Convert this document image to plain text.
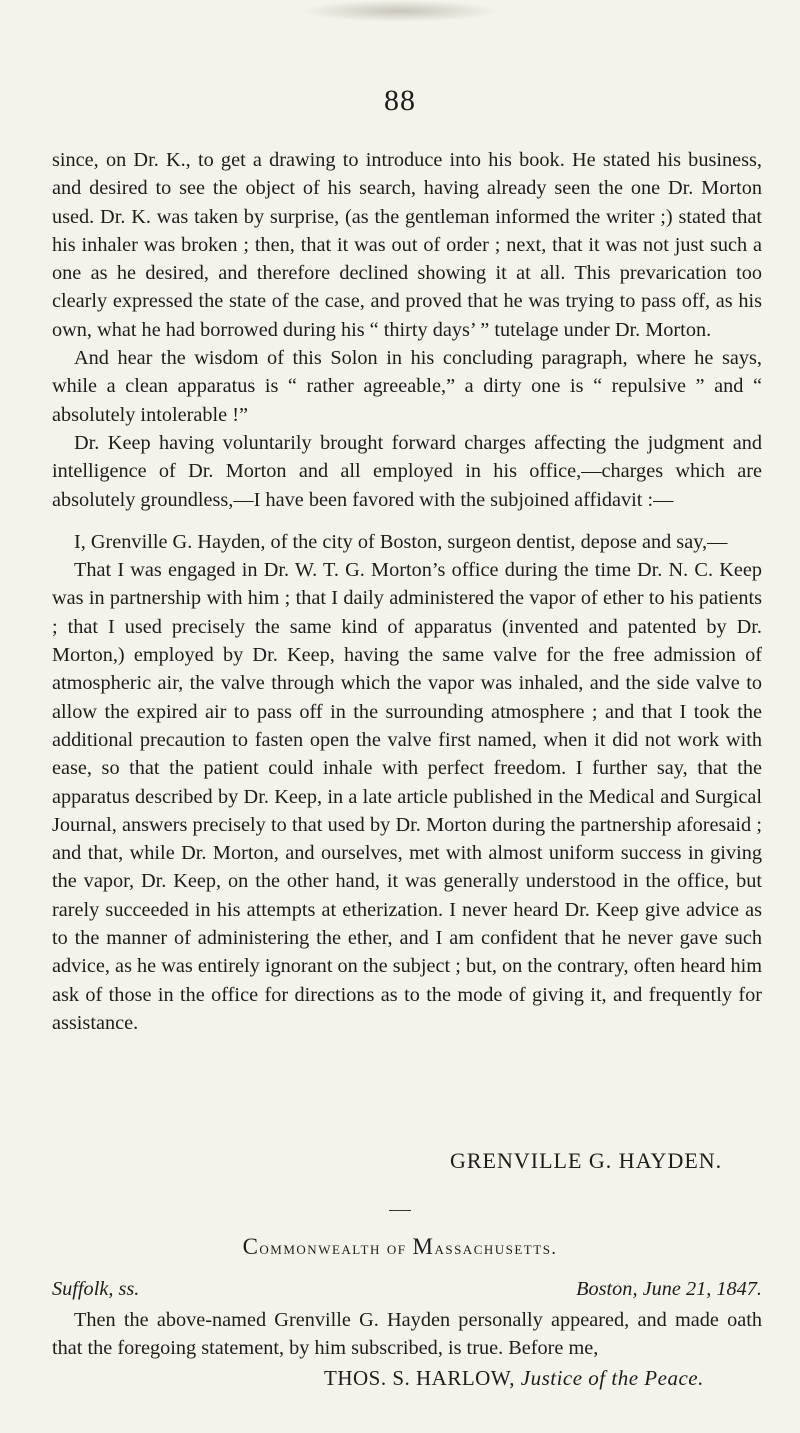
88

since, on Dr. K., to get a drawing to introduce into his book. He stated his business, and desired to see the object of his search, having already seen the one Dr. Morton used. Dr. K. was taken by surprise, (as the gentleman informed the writer ;) stated that his inhaler was broken ; then, that it was out of order ; next, that it was not just such a one as he desired, and therefore declined showing it at all. This prevarication too clearly expressed the state of the case, and proved that he was trying to pass off, as his own, what he had borrowed during his “ thirty days’ ” tutelage under Dr. Morton.

And hear the wisdom of this Solon in his concluding paragraph, where he says, while a clean apparatus is “ rather agreeable,” a dirty one is “ repulsive ” and “ absolutely intolerable !”

Dr. Keep having voluntarily brought forward charges affecting the judgment and intelligence of Dr. Morton and all employed in his office,—charges which are absolutely groundless,—I have been favored with the subjoined affidavit :—

I, Grenville G. Hayden, of the city of Boston, surgeon dentist, depose and say,—

That I was engaged in Dr. W. T. G. Morton’s office during the time Dr. N. C. Keep was in partnership with him ; that I daily administered the vapor of ether to his patients ; that I used precisely the same kind of apparatus (invented and patented by Dr. Morton,) employed by Dr. Keep, having the same valve for the free admission of atmospheric air, the valve through which the vapor was inhaled, and the side valve to allow the expired air to pass off in the surrounding atmosphere ; and that I took the additional precaution to fasten open the valve first named, when it did not work with ease, so that the patient could inhale with perfect freedom. I further say, that the apparatus described by Dr. Keep, in a late article published in the Medical and Surgical Journal, answers precisely to that used by Dr. Morton during the partnership aforesaid ; and that, while Dr. Morton, and ourselves, met with almost uniform success in giving the vapor, Dr. Keep, on the other hand, it was generally understood in the office, but rarely succeeded in his attempts at etherization. I never heard Dr. Keep give advice as to the manner of administering the ether, and I am confident that he never gave such advice, as he was entirely ignorant on the subject ; but, on the contrary, often heard him ask of those in the office for directions as to the mode of giving it, and frequently for assistance.

GRENVILLE G. HAYDEN.
Commonwealth of Massachusetts.
Suffolk, ss.	Boston, June 21, 1847.

Then the above-named Grenville G. Hayden personally appeared, and made oath that the foregoing statement, by him subscribed, is true. Before me,

THOS. S. HARLOW, Justice of the Peace.
